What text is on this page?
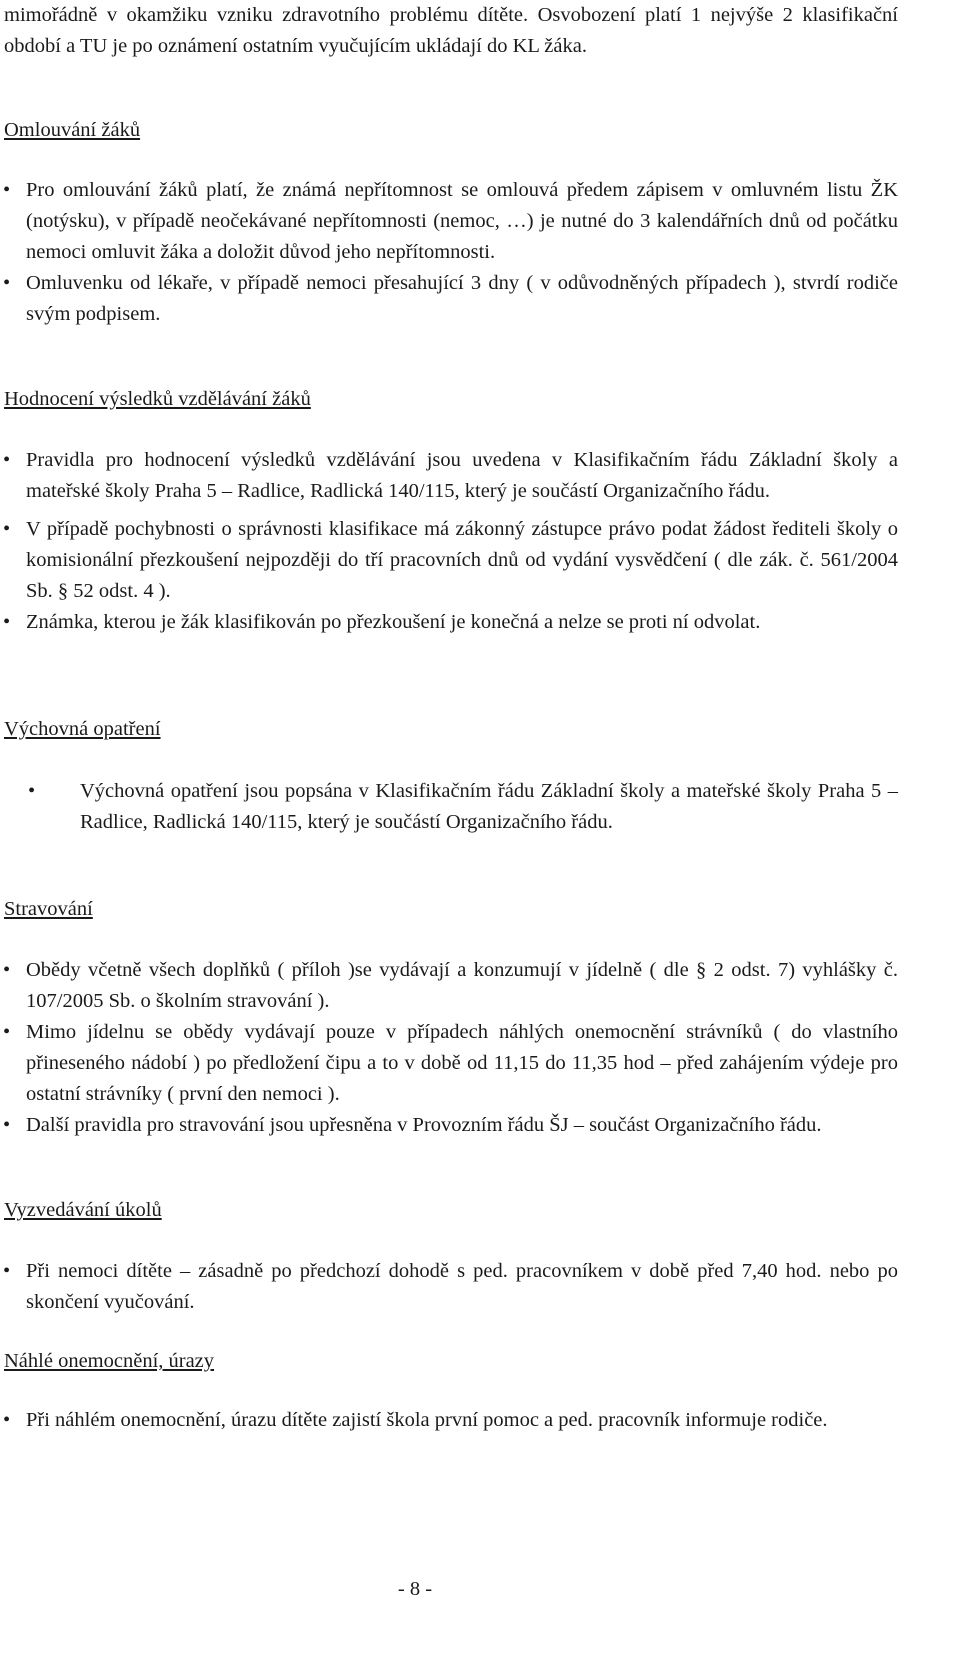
mimořádně v okamžiku vzniku zdravotního problému dítěte. Osvobození platí 1 nejvýše 2 klasifikační období a TU je po oznámení ostatním vyučujícím ukládají do KL žáka.

Omlouvání žáků
• Pro omlouvání žáků platí, že známá nepřítomnost se omlouvá předem zápisem v omluvném listu ŽK (notýsku), v případě neočekávané nepřítomnosti (nemoc, …) je nutné do 3 kalendářních dnů od počátku nemoci omluvit žáka a doložit důvod jeho nepřítomnosti.
• Omluvenku od lékaře, v případě nemoci přesahující 3 dny ( v odůvodněných případech ), stvrdí rodiče svým podpisem.
Hodnocení výsledků vzdělávání žáků
• Pravidla pro hodnocení výsledků vzdělávání jsou uvedena v Klasifikačním řádu Základní školy a mateřské školy Praha 5 – Radlice, Radlická 140/115, který je součástí Organizačního řádu.
• V případě pochybnosti o správnosti klasifikace má zákonný zástupce právo podat žádost řediteli školy o komisionální přezkoušení nejpozději do tří pracovních dnů od vydání vysvědčení ( dle zák. č. 561/2004 Sb. § 52 odst. 4 ).
• Známka, kterou je žák klasifikován po přezkoušení je konečná a nelze se proti ní odvolat.
Výchovná opatření
• Výchovná opatření jsou popsána v Klasifikačním řádu Základní školy a mateřské školy Praha 5 – Radlice, Radlická 140/115, který je součástí Organizačního řádu.
Stravování
• Obědy včetně všech doplňků ( příloh )se vydávají a konzumují v jídelně ( dle § 2 odst. 7) vyhlášky č. 107/2005 Sb. o školním stravování ).
• Mimo jídelnu se obědy vydávají pouze v případech náhlých onemocnění strávníků ( do vlastního přineseného nádobí ) po předložení čipu a to v době od 11,15 do 11,35 hod – před zahájením výdeje pro ostatní strávníky ( první den nemoci ).
• Další pravidla pro stravování jsou upřesněna v Provozním řádu ŠJ – součást Organizačního řádu.
Vyzvedávání úkolů
• Při nemoci dítěte – zásadně po předchozí dohodě s ped. pracovníkem v době před 7,40 hod. nebo po skončení vyučování.
Náhlé onemocnění, úrazy
• Při náhlém onemocnění, úrazu dítěte zajistí škola první pomoc a ped. pracovník informuje rodiče.
- 8 -
